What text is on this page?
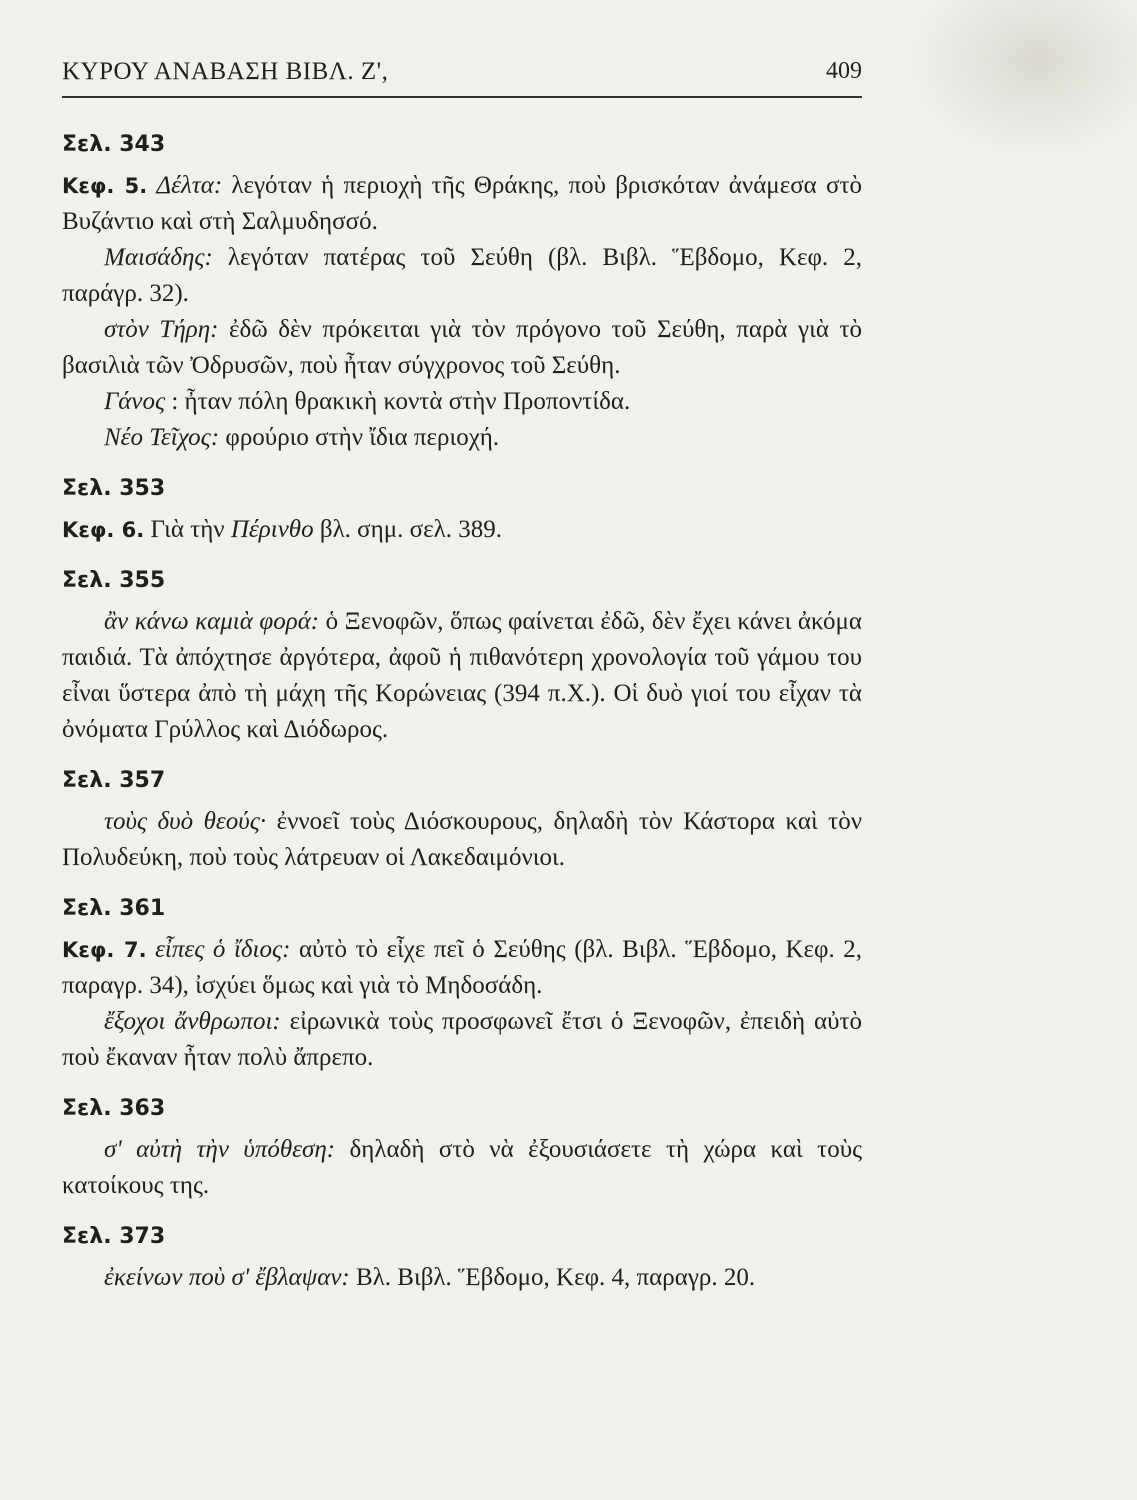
ΚΥΡΟΥ ΑΝΑΒΑΣΗ ΒΙΒΛ. Ζ',	409
Σελ. 343
Κεφ. 5. Δέλτα: λεγόταν ἡ περιοχὴ τῆς Θράκης, ποὺ βρισκόταν ἀνάμεσα στὸ Βυζάντιο καὶ στὴ Σαλμυδησσό.
Μαισάδης: λεγόταν πατέρας τοῦ Σεύθη (βλ. Βιβλ. Ἕβδομο, Κεφ. 2, παράγρ. 32).
στὸν Τήρη: ἐδῶ δὲν πρόκειται γιὰ τὸν πρόγονο τοῦ Σεύθη, παρὰ γιὰ τὸ βασιλιὰ τῶν Ὀδρυσῶν, ποὺ ἦταν σύγχρονος τοῦ Σεύθη.
Γάνος : ἦταν πόλη θρακικὴ κοντὰ στὴν Προποντίδα.
Νέο Τεῖχος: φρούριο στὴν ἴδια περιοχή.
Σελ. 353
Κεφ. 6. Γιὰ τὴν Πέρινθο βλ. σημ. σελ. 389.
Σελ. 355
ἂν κάνω καμιὰ φορά: ὁ Ξενοφῶν, ὅπως φαίνεται ἐδῶ, δὲν ἔχει κάνει ἀκόμα παιδιά. Τὰ ἀπόχτησε ἀργότερα, ἀφοῦ ἡ πιθανότερη χρονολογία τοῦ γάμου του εἶναι ὕστερα ἀπὸ τὴ μάχη τῆς Κορώνειας (394 π.Χ.). Οἱ δυὸ γιοί του εἶχαν τὰ ὀνόματα Γρύλλος καὶ Διόδωρος.
Σελ. 357
τοὺς δυὸ θεούς· ἐννοεῖ τοὺς Διόσκουρους, δηλαδὴ τὸν Κάστορα καὶ τὸν Πολυδεύκη, ποὺ τοὺς λάτρευαν οἱ Λακεδαιμόνιοι.
Σελ. 361
Κεφ. 7. εἶπες ὁ ἴδιος: αὐτὸ τὸ εἶχε πεῖ ὁ Σεύθης (βλ. Βιβλ. Ἕβδομο, Κεφ. 2, παραγρ. 34), ἰσχύει ὅμως καὶ γιὰ τὸ Μηδοσάδη.
ἔξοχοι ἄνθρωποι: εἰρωνικὰ τοὺς προσφωνεῖ ἔτσι ὁ Ξενοφῶν, ἐπειδὴ αὐτὸ ποὺ ἔκαναν ἦταν πολὺ ἄπρεπο.
Σελ. 363
σ' αὐτὴ τὴν ὑπόθεση: δηλαδὴ στὸ νὰ ἐξουσιάσετε τὴ χώρα καὶ τοὺς κατοίκους της.
Σελ. 373
ἐκείνων ποὺ σ' ἔβλαψαν: Βλ. Βιβλ. Ἕβδομο, Κεφ. 4, παραγρ. 20.
